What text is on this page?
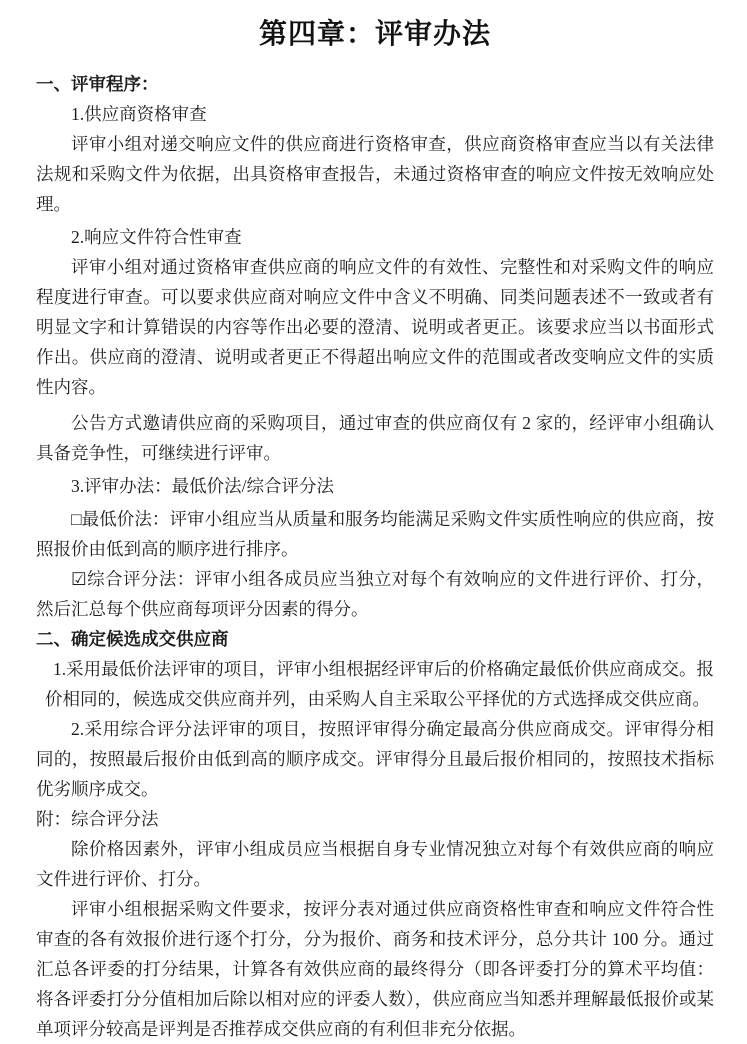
第四章：评审办法

一、评审程序：

1.供应商资格审查

评审小组对递交响应文件的供应商进行资格审查，供应商资格审查应当以有关法律法规和采购文件为依据，出具资格审查报告，未通过资格审查的响应文件按无效响应处理。

2.响应文件符合性审查

评审小组对通过资格审查供应商的响应文件的有效性、完整性和对采购文件的响应程度进行审查。可以要求供应商对响应文件中含义不明确、同类问题表述不一致或者有明显文字和计算错误的内容等作出必要的澄清、说明或者更正。该要求应当以书面形式作出。供应商的澄清、说明或者更正不得超出响应文件的范围或者改变响应文件的实质性内容。

公告方式邀请供应商的采购项目，通过审查的供应商仅有 2 家的，经评审小组确认具备竞争性，可继续进行评审。

3.评审办法：最低价法/综合评分法

□最低价法：评审小组应当从质量和服务均能满足采购文件实质性响应的供应商，按照报价由低到高的顺序进行排序。

☑综合评分法：评审小组各成员应当独立对每个有效响应的文件进行评价、打分，然后汇总每个供应商每项评分因素的得分。

二、确定候选成交供应商

1.采用最低价法评审的项目，评审小组根据经评审后的价格确定最低价供应商成交。报价相同的，候选成交供应商并列，由采购人自主采取公平择优的方式选择成交供应商。

2.采用综合评分法评审的项目，按照评审得分确定最高分供应商成交。评审得分相同的，按照最后报价由低到高的顺序成交。评审得分且最后报价相同的，按照技术指标优劣顺序成交。

附：综合评分法

除价格因素外，评审小组成员应当根据自身专业情况独立对每个有效供应商的响应文件进行评价、打分。

评审小组根据采购文件要求，按评分表对通过供应商资格性审查和响应文件符合性审查的各有效报价进行逐个打分，分为报价、商务和技术评分，总分共计 100 分。通过汇总各评委的打分结果，计算各有效供应商的最终得分（即各评委打分的算术平均值：将各评委打分分值相加后除以相对应的评委人数），供应商应当知悉并理解最低报价或某单项评分较高是评判是否推荐成交供应商的有利但非充分依据。
